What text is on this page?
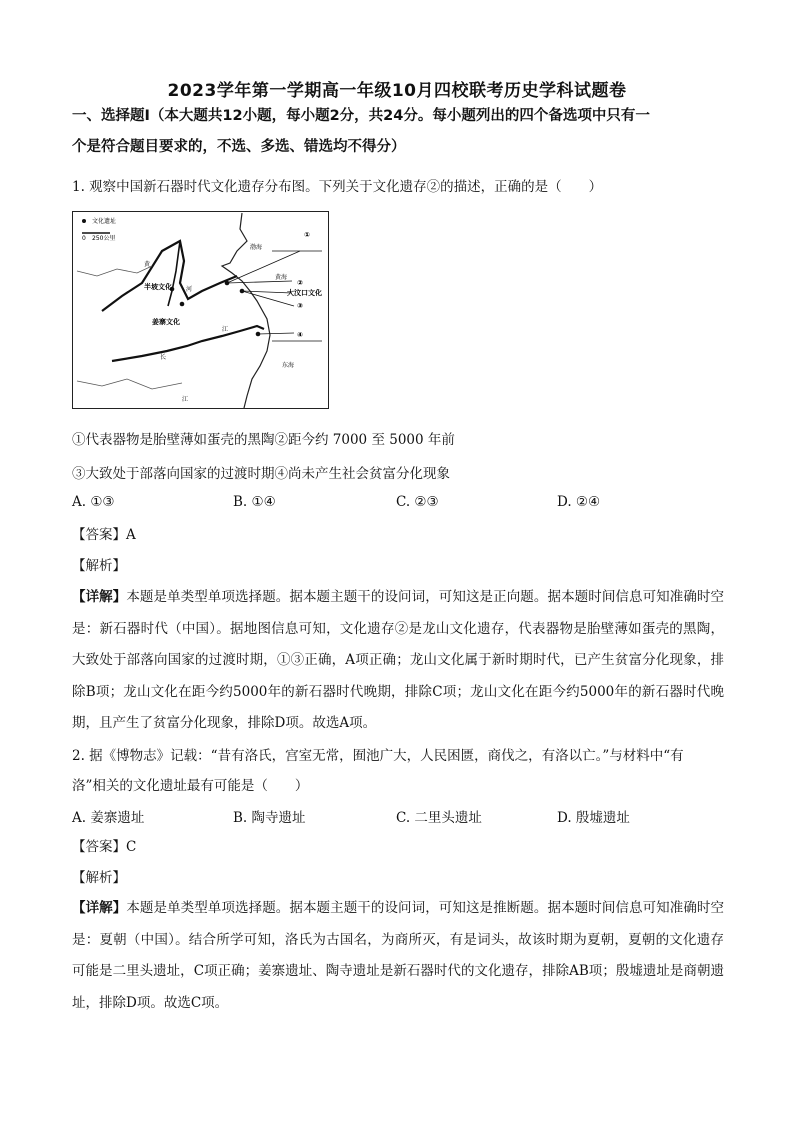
2023学年第一学期高一年级10月四校联考历史学科试题卷
一、选择题Ⅰ（本大题共12小题，每小题2分，共24分。每小题列出的四个备选项中只有一
个是符合题目要求的，不选、多选、错选均不得分）
1. 观察中国新石器时代文化遗存分布图。下列关于文化遗存②的描述，正确的是（　　）
文化遗址
0 250公里	①
②
③
④
半坡文化
姜寨文化
大汶口文化
黄
河
长
江
江
渤海
黄海
东海
①代表器物是胎壁薄如蛋壳的黑陶②距今约 7000 至 5000 年前
③大致处于部落向国家的过渡时期④尚未产生社会贫富分化现象
A. ①③	B. ①④	C. ②③	D. ②④
【答案】A
【解析】
【详解】本题是单类型单项选择题。据本题主题干的设问词，可知这是正向题。据本题时间信息可知准确时空是：新石器时代（中国）。据地图信息可知，文化遗存②是龙山文化遗存，代表器物是胎壁薄如蛋壳的黑陶，大致处于部落向国家的过渡时期，①③正确，A项正确；龙山文化属于新时期时代，已产生贫富分化现象，排除B项；龙山文化在距今约5000年的新石器时代晚期，排除C项；龙山文化在距今约5000年的新石器时代晚期，且产生了贫富分化现象，排除D项。故选A项。
2. 据《博物志》记载：“昔有洛氏，宫室无常，囿池广大，人民困匮，商伐之，有洛以亡。”与材料中“有
洛”相关的文化遗址最有可能是（　　）
A. 姜寨遗址	B. 陶寺遗址	C. 二里头遗址	D. 殷墟遗址
【答案】C
【解析】
【详解】本题是单类型单项选择题。据本题主题干的设问词，可知这是推断题。据本题时间信息可知准确时空是：夏朝（中国）。结合所学可知，洛氏为古国名，为商所灭，有是词头，故该时期为夏朝，夏朝的文化遗存可能是二里头遗址，C项正确；姜寨遗址、陶寺遗址是新石器时代的文化遗存，排除AB项；殷墟遗址是商朝遗址，排除D项。故选C项。
